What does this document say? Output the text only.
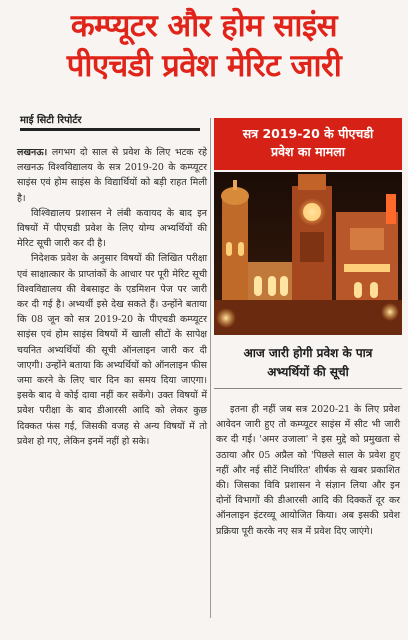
कम्प्यूटर और होम साइंस
पीएचडी प्रवेश मेरिट जारी
माई सिटी रिपोर्टर

लखनऊ। लगभग दो साल से प्रवेश के लिए भटक रहे लखनऊ विश्वविद्यालय के सत्र 2019-20 के कम्प्यूटर साइंस एवं होम साइंस के विद्यार्थियों को बड़ी राहत मिली है।

विश्विद्यालय प्रशासन ने लंबी कवायद के बाद इन विषयों में पीएचडी प्रवेश के लिए योग्य अभ्यर्थियों की मेरिट सूची जारी कर दी है।

निदेशक प्रवेश के अनुसार विषयों की लिखित परीक्षा एवं साक्षात्कार के प्राप्तांकों के आधार पर पूरी मेरिट सूची विश्वविद्यालय की वेबसाइट के एडमिशन पेज पर जारी कर दी गई है। अभ्यर्थी इसे देख सकते हैं। उन्होंने बताया कि 08 जून को सत्र 2019-20 के पीएचडी कम्प्यूटर साइंस एवं होम साइंस विषयों में खाली सीटों के सापेक्ष चयनित अभ्यर्थियों की सूची ऑनलाइन जारी कर दी जाएगी। उन्होंने बताया कि अभ्यर्थियों को ऑनलाइन फीस जमा करने के लिए चार दिन का समय दिया जाएगा। इसके बाद वे कोई दावा नहीं कर सकेंगे। उक्त विषयों में प्रवेश परीक्षा के बाद डीआरसी आदि को लेकर कुछ दिक्कत फंस गई, जिसकी वजह से अन्य विषयों में तो प्रवेश हो गए, लेकिन इनमें नहीं हो सके।

सत्र 2019-20 के पीएचडी
प्रवेश का मामला
आज जारी होगी प्रवेश के पात्र
अभ्यर्थियों की सूची

इतना ही नहीं जब सत्र 2020-21 के लिए प्रवेश आवेदन जारी हुए तो कम्प्यूटर साइंस में सीट भी जारी कर दी गई। 'अमर उजाला' ने इस मुद्दे को प्रमुखता से उठाया और 05 अप्रैल को 'पिछले साल के प्रवेश हुए नहीं और नई सीटें निर्धारित' शीर्षक से खबर प्रकाशित की। जिसका विवि प्रशासन ने संज्ञान लिया और इन दोनों विभागों की डीआरसी आदि की दिक्कतें दूर कर ऑनलाइन इंटरव्यू आयोजित किया। अब इसकी प्रवेश प्रक्रिया पूरी करके नए सत्र में प्रवेश दिए जाएंगे।
